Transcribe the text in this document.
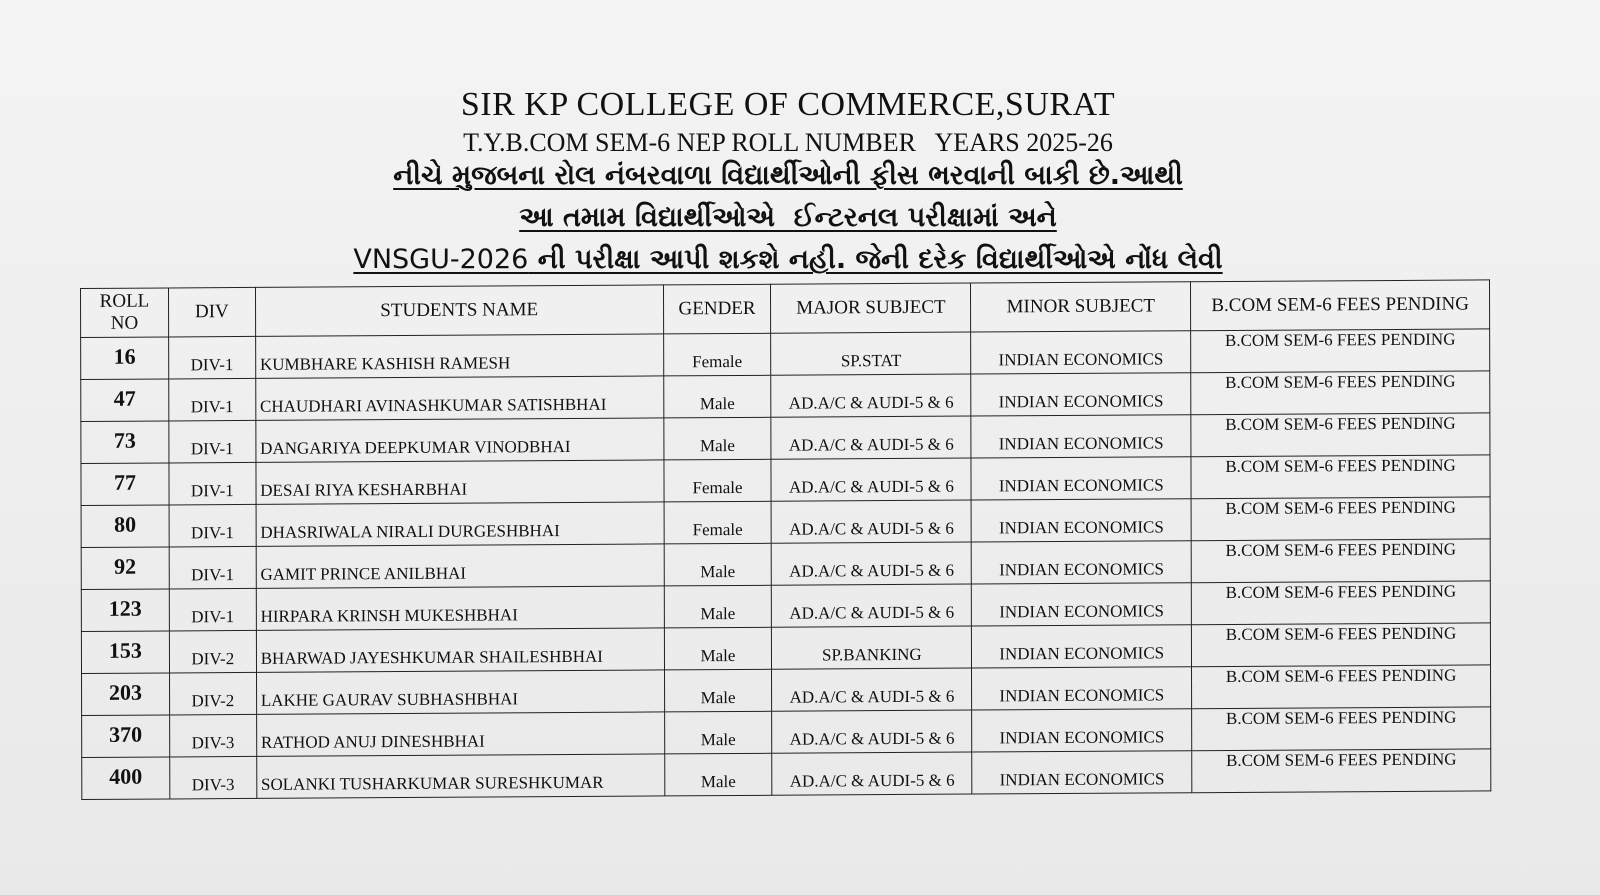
SIR KP COLLEGE OF COMMERCE,SURAT
T.Y.B.COM SEM-6 NEP ROLL NUMBER   YEARS 2025-26
નીચે મુજબના રોલ નંબરવાળા વિદ્યાર્થીઓની ફીસ ભરવાની બાકી છે.આથી
આ તમામ વિદ્યાર્થીઓએ  ઈન્ટરનલ પરીક્ષામાં અને
VNSGU-2026 ની પરીક્ષા આપી શકશે નહી. જેની દરેક વિદ્યાર્થીઓએ નોંધ લેવી
ROLL NO	DIV	STUDENTS NAME	GENDER	MAJOR SUBJECT	MINOR SUBJECT	B.COM SEM-6 FEES PENDING
16	DIV-1	KUMBHARE KASHISH RAMESH	Female	SP.STAT	INDIAN ECONOMICS	B.COM SEM-6 FEES PENDING
47	DIV-1	CHAUDHARI AVINASHKUMAR SATISHBHAI	Male	AD.A/C & AUDI-5 & 6	INDIAN ECONOMICS	B.COM SEM-6 FEES PENDING
73	DIV-1	DANGARIYA DEEPKUMAR VINODBHAI	Male	AD.A/C & AUDI-5 & 6	INDIAN ECONOMICS	B.COM SEM-6 FEES PENDING
77	DIV-1	DESAI RIYA KESHARBHAI	Female	AD.A/C & AUDI-5 & 6	INDIAN ECONOMICS	B.COM SEM-6 FEES PENDING
80	DIV-1	DHASRIWALA NIRALI DURGESHBHAI	Female	AD.A/C & AUDI-5 & 6	INDIAN ECONOMICS	B.COM SEM-6 FEES PENDING
92	DIV-1	GAMIT PRINCE ANILBHAI	Male	AD.A/C & AUDI-5 & 6	INDIAN ECONOMICS	B.COM SEM-6 FEES PENDING
123	DIV-1	HIRPARA KRINSH MUKESHBHAI	Male	AD.A/C & AUDI-5 & 6	INDIAN ECONOMICS	B.COM SEM-6 FEES PENDING
153	DIV-2	BHARWAD JAYESHKUMAR SHAILESHBHAI	Male	SP.BANKING	INDIAN ECONOMICS	B.COM SEM-6 FEES PENDING
203	DIV-2	LAKHE GAURAV SUBHASHBHAI	Male	AD.A/C & AUDI-5 & 6	INDIAN ECONOMICS	B.COM SEM-6 FEES PENDING
370	DIV-3	RATHOD ANUJ DINESHBHAI	Male	AD.A/C & AUDI-5 & 6	INDIAN ECONOMICS	B.COM SEM-6 FEES PENDING
400	DIV-3	SOLANKI TUSHARKUMAR SURESHKUMAR	Male	AD.A/C & AUDI-5 & 6	INDIAN ECONOMICS	B.COM SEM-6 FEES PENDING
